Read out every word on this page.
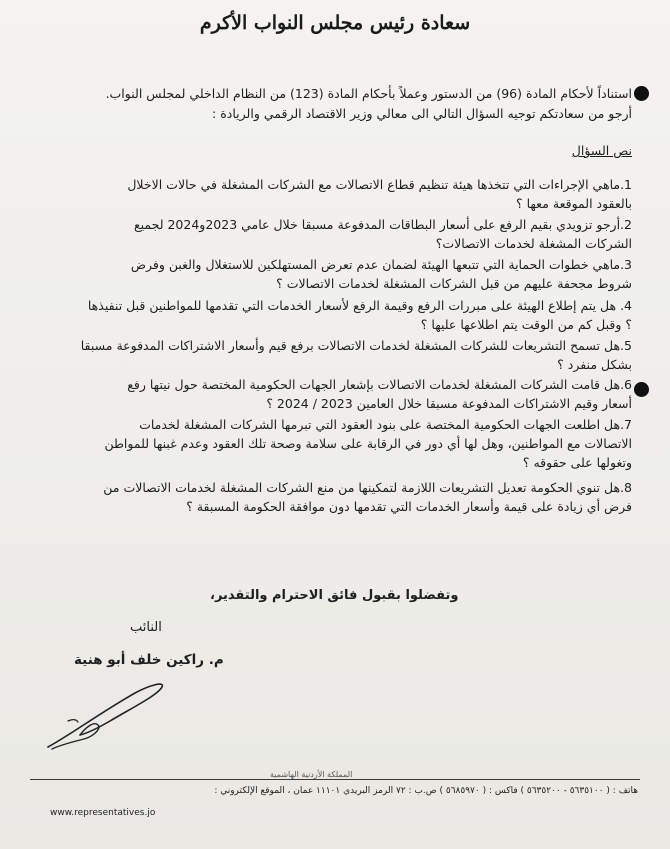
سعادة رئيس مجلس النواب الأكرم
استناداً لأحكام المادة (96) من الدستور وعملاً بأحكام المادة (123) من النظام الداخلي لمجلس النواب.
أرجو من سعادتكم توجيه السؤال التالي الى معالي وزير الاقتصاد الرقمي والريادة :
نص السؤال
1.ماهي الإجراءات التي تتخذها هيئة تنظيم قطاع الاتصالات مع الشركات المشغلة في حالات الاخلال
بالعقود الموقعة معها ؟
2.أرجو تزويدي بقيم الرفع على أسعار البطاقات المدفوعة مسبقا خلال عامي 2023و2024 لجميع
الشركات المشغلة لخدمات الاتصالات؟
3.ماهي خطوات الحماية التي تتبعها الهيئة لضمان عدم تعرض المستهلكين للاستغلال والغبن وفرض
شروط مجحفة عليهم من قبل الشركات المشغلة لخدمات الاتصالات ؟
4. هل يتم إطلاع الهيئة على مبررات الرفع وقيمة الرفع لأسعار الخدمات التي تقدمها للمواطنين قبل تنفيذها
؟ وقبل كم من الوقت يتم اطلاعها عليها ؟
5.هل تسمح التشريعات للشركات المشغلة لخدمات الاتصالات برفع قيم وأسعار الاشتراكات المدفوعة مسبقا
بشكل منفرد ؟
6.هل قامت الشركات المشغلة لخدمات الاتصالات بإشعار الجهات الحكومية المختصة حول نيتها رفع
أسعار وقيم الاشتراكات المدفوعة مسبقا خلال العامين 2023 / 2024 ؟
7.هل اطلعت الجهات الحكومية المختصة على بنود العقود التي تبرمها الشركات المشغلة لخدمات
الاتصالات مع المواطنين، وهل لها أي دور في الرقابة على سلامة وصحة تلك العقود وعدم غبنها للمواطن
وتغولها على حقوقه ؟
8.هل تنوي الحكومة تعديل التشريعات اللازمة لتمكينها من منع الشركات المشغلة لخدمات الاتصالات من
فرض أي زيادة على قيمة وأسعار الخدمات التي تقدمها دون موافقة الحكومة المسبقة ؟
وتفضلوا بقبول فائق الاحترام والتقدير،
النائب
م. راكين خلف أبو هنية
المملكة الأردنية الهاشمية
هاتف : ( ٥٦٣٥١٠٠ - ٥٦٣٥٢٠٠ ) فاكس : ( ٥٦٨٥٩٧٠ ) ص.ب : ٧٢ الرمز البريدي ١١١٠١ عمان ، الموقع الإلكتروني :
www.representatives.jo
